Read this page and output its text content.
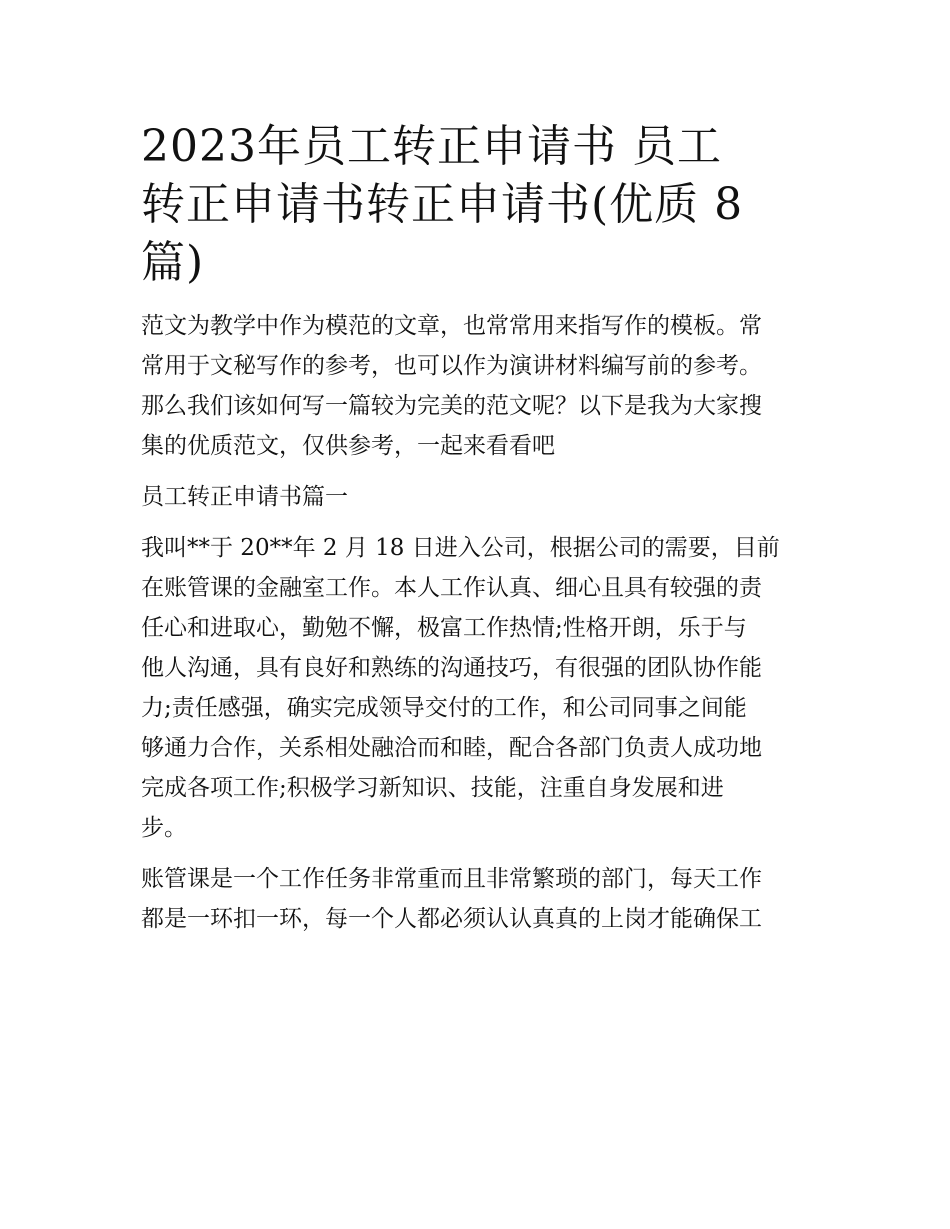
2023年员工转正申请书 员工
转正申请书转正申请书(优质 8
篇)
范文为教学中作为模范的文章，也常常用来指写作的模板。常
常用于文秘写作的参考，也可以作为演讲材料编写前的参考。
那么我们该如何写一篇较为完美的范文呢？以下是我为大家搜
集的优质范文，仅供参考，一起来看看吧
员工转正申请书篇一
我叫**于 20**年 2 月 18 日进入公司，根据公司的需要，目前
在账管课的金融室工作。本人工作认真、细心且具有较强的责
任心和进取心，勤勉不懈，极富工作热情;性格开朗，乐于与
他人沟通，具有良好和熟练的沟通技巧，有很强的团队协作能
力;责任感强，确实完成领导交付的工作，和公司同事之间能
够通力合作，关系相处融洽而和睦，配合各部门负责人成功地
完成各项工作;积极学习新知识、技能，注重自身发展和进
步。
账管课是一个工作任务非常重而且非常繁琐的部门，每天工作
都是一环扣一环，每一个人都必须认认真真的上岗才能确保工
